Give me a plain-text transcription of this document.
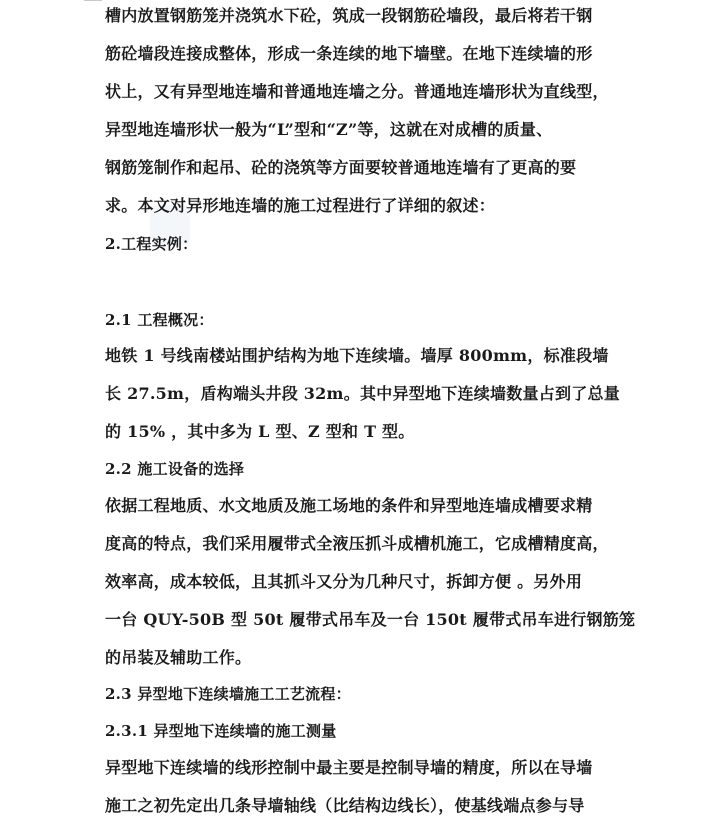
槽内放置钢筋笼并浇筑水下砼，筑成一段钢筋砼墙段，最后将若干钢
筋砼墙段连接成整体，形成一条连续的地下墙壁。在地下连续墙的形
状上，又有异型地连墙和普通地连墙之分。普通地连墙形状为直线型，
异型地连墙形状一般为“L”型和“Z”等，这就在对成槽的质量、
钢筋笼制作和起吊、砼的浇筑等方面要较普通地连墙有了更高的要
求。本文对异形地连墙的施工过程进行了详细的叙述：
2.工程实例：
2.1 工程概况：
地铁 1 号线南楼站围护结构为地下连续墙。墙厚 800mm，标准段墙
长 27.5m，盾构端头井段 32m。其中异型地下连续墙数量占到了总量
的 15% ，其中多为 L 型、Z 型和 T 型。
2.2 施工设备的选择
依据工程地质、水文地质及施工场地的条件和异型地连墙成槽要求精
度高的特点，我们采用履带式全液压抓斗成槽机施工，它成槽精度高，
效率高，成本较低，且其抓斗又分为几种尺寸，拆卸方便 。另外用
一台 QUY-50B 型 50t 履带式吊车及一台 150t 履带式吊车进行钢筋笼
的吊装及辅助工作。
2.3 异型地下连续墙施工工艺流程：
2.3.1 异型地下连续墙的施工测量
异型地下连续墙的线形控制中最主要是控制导墙的精度，所以在导墙
施工之初先定出几条导墙轴线（比结构边线长），使基线端点参与导
